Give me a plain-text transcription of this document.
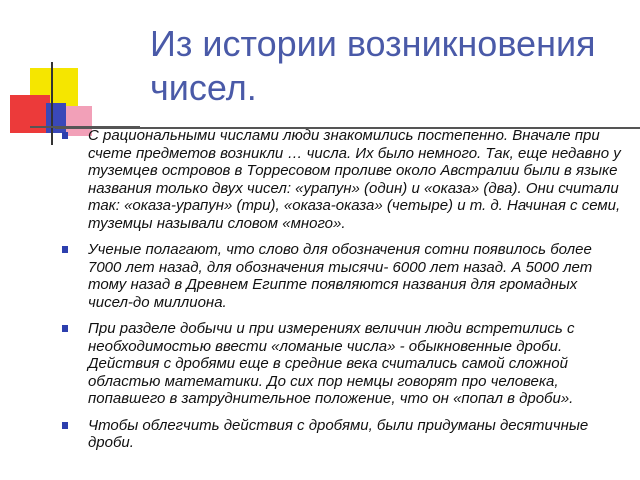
Из истории возникновения чисел.
С рациональными числами люди знакомились постепенно. Вначале при счете предметов возникли … числа. Их было немного. Так, еще недавно у туземцев островов в Торресовом проливе около Австралии были в языке названия только двух чисел: «урапун» (один) и «оказа» (два). Они считали так: «оказа-урапун» (три), «оказа-оказа» (четыре) и т. д. Начиная с семи, туземцы называли словом «много».
Ученые полагают, что слово для обозначения сотни появилось более 7000 лет назад, для обозначения тысячи- 6000 лет назад. А 5000 лет тому назад в Древнем Египте появляются названия для громадных чисел-до миллиона.
При разделе добычи и при измерениях величин люди встретились с необходимостью ввести «ломаные числа» - обыкновенные дроби. Действия с дробями еще в средние века считались самой сложной областью математики. До сих пор немцы говорят про человека, попавшего в затруднительное положение, что он «попал в дроби».
Чтобы облегчить действия с дробями, были придуманы десятичные дроби.
